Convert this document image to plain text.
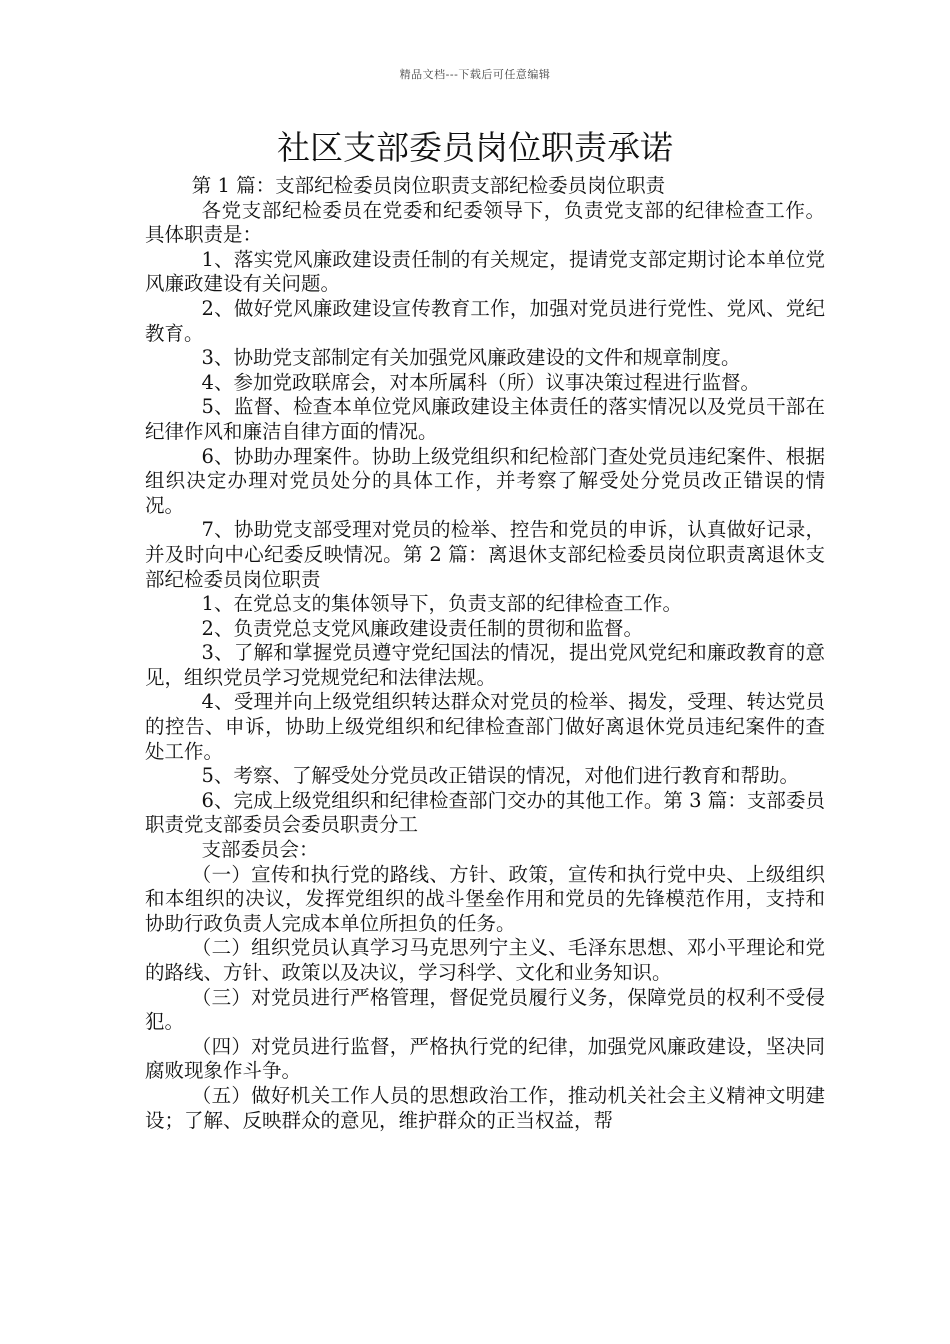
精品文档---下载后可任意编辑
社区支部委员岗位职责承诺

第 1 篇：支部纪检委员岗位职责支部纪检委员岗位职责

各党支部纪检委员在党委和纪委领导下，负责党支部的纪律检查工作。具体职责是：

1、落实党风廉政建设责任制的有关规定，提请党支部定期讨论本单位党风廉政建设有关问题。

2、做好党风廉政建设宣传教育工作，加强对党员进行党性、党风、党纪教育。

3、协助党支部制定有关加强党风廉政建设的文件和规章制度。

4、参加党政联席会，对本所属科（所）议事决策过程进行监督。

5、监督、检查本单位党风廉政建设主体责任的落实情况以及党员干部在纪律作风和廉洁自律方面的情况。

6、协助办理案件。协助上级党组织和纪检部门查处党员违纪案件、根据组织决定办理对党员处分的具体工作，并考察了解受处分党员改正错误的情况。

7、协助党支部受理对党员的检举、控告和党员的申诉，认真做好记录，并及时向中心纪委反映情况。第 2 篇：离退休支部纪检委员岗位职责离退休支部纪检委员岗位职责

1、在党总支的集体领导下，负责支部的纪律检查工作。

2、负责党总支党风廉政建设责任制的贯彻和监督。

3、了解和掌握党员遵守党纪国法的情况，提出党风党纪和廉政教育的意见，组织党员学习党规党纪和法律法规。

4、受理并向上级党组织转达群众对党员的检举、揭发，受理、转达党员的控告、申诉，协助上级党组织和纪律检查部门做好离退休党员违纪案件的查处工作。

5、考察、了解受处分党员改正错误的情况，对他们进行教育和帮助。

6、完成上级党组织和纪律检查部门交办的其他工作。第 3 篇：支部委员职责党支部委员会委员职责分工

支部委员会：

（一）宣传和执行党的路线、方针、政策，宣传和执行党中央、上级组织和本组织的决议，发挥党组织的战斗堡垒作用和党员的先锋模范作用，支持和协助行政负责人完成本单位所担负的任务。

（二）组织党员认真学习马克思列宁主义、毛泽东思想、邓小平理论和党的路线、方针、政策以及决议，学习科学、文化和业务知识。

（三）对党员进行严格管理，督促党员履行义务，保障党员的权利不受侵犯。

（四）对党员进行监督，严格执行党的纪律，加强党风廉政建设，坚决同腐败现象作斗争。

（五）做好机关工作人员的思想政治工作，推动机关社会主义精神文明建设；了解、反映群众的意见，维护群众的正当权益，帮
